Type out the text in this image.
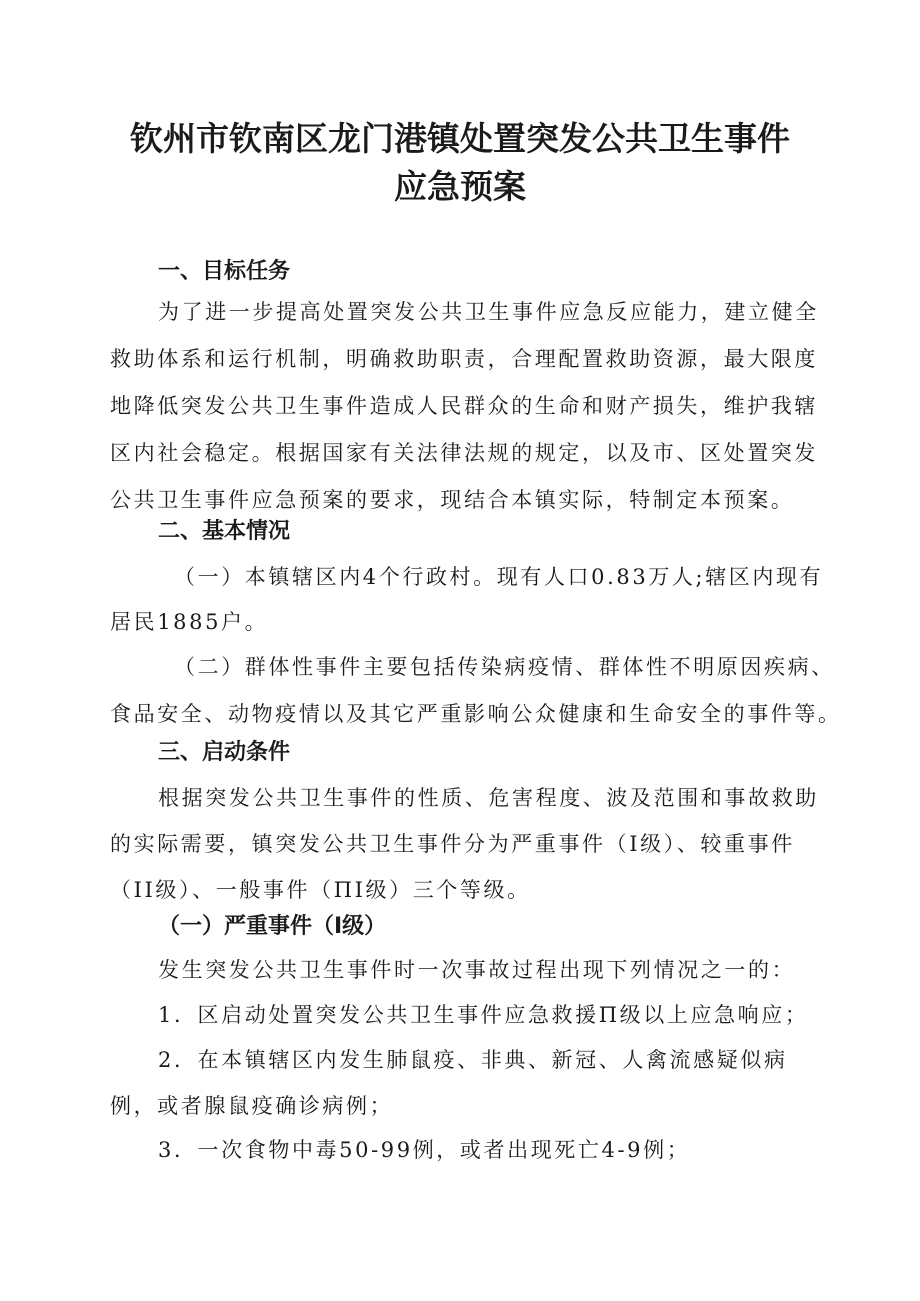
钦州市钦南区龙门港镇处置突发公共卫生事件
应急预案
一、目标任务
为了进一步提高处置突发公共卫生事件应急反应能力，建立健全
救助体系和运行机制，明确救助职责，合理配置救助资源，最大限度
地降低突发公共卫生事件造成人民群众的生命和财产损失，维护我辖
区内社会稳定。根据国家有关法律法规的规定，以及市、区处置突发
公共卫生事件应急预案的要求，现结合本镇实际，特制定本预案。
二、基本情况
（一）本镇辖区内4个行政村。现有人口0.83万人;辖区内现有
居民1885户。
（二）群体性事件主要包括传染病疫情、群体性不明原因疾病、
食品安全、动物疫情以及其它严重影响公众健康和生命安全的事件等。
三、启动条件
根据突发公共卫生事件的性质、危害程度、波及范围和事故救助
的实际需要，镇突发公共卫生事件分为严重事件（I级）、较重事件
（II级）、一般事件（ΠI级）三个等级。
（一）严重事件（I级）
发生突发公共卫生事件时一次事故过程出现下列情况之一的：
1．区启动处置突发公共卫生事件应急救援Π级以上应急响应；
2．在本镇辖区内发生肺鼠疫、非典、新冠、人禽流感疑似病
例，或者腺鼠疫确诊病例；
3．一次食物中毒50-99例，或者出现死亡4-9例；
